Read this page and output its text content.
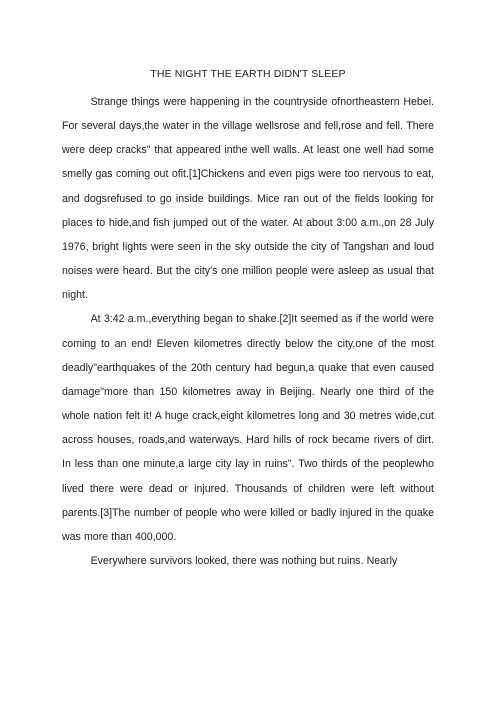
THE NIGHT THE EARTH DIDN'T SLEEP

Strange things were happening in the countryside ofnortheastern Hebei. For several days,the water in the village wellsrose and fell,rose and fell. There were deep cracks" that appeared inthe well walls. At least one well had some smelly gas coming out ofit.[1]Chickens and even pigs were too nervous to eat, and dogsrefused to go inside buildings. Mice ran out of the fields looking for places to hide,and fish jumped out of the water. At about 3:00 a.m.,on 28 July 1976, bright lights were seen in the sky outside the city of Tangshan and loud noises were heard. But the city's one million people were asleep as usual that night.

At 3:42 a.m.,everything began to shake.[2]It seemed as if the world were coming to an end! Eleven kilometres directly below the city,one of the most deadly"earthquakes of the 20th century had begun,a quake that even caused damage"more than 150 kilometres away in Beijing. Nearly one third of the whole nation felt it! A huge crack,eight kilometres long and 30 metres wide,cut across houses, roads,and waterways. Hard hills of rock became rivers of dirt. In less than one minute,a large city lay in ruins". Two thirds of the peoplewho lived there were dead or injured. Thousands of children were left without parents.[3]The number of people who were killed or badly injured in the quake was more than 400,000.

Everywhere survivors looked, there was nothing but ruins. Nearly
